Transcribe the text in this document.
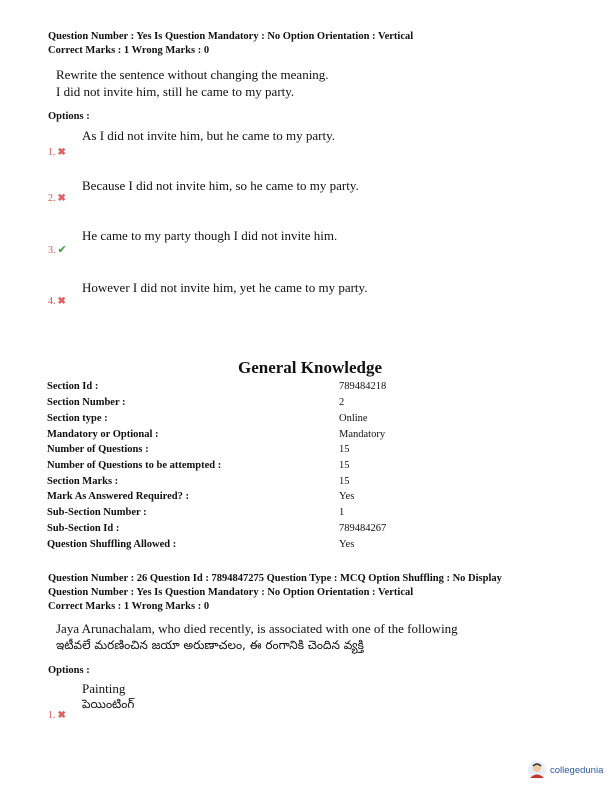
Question Number : Yes Is Question Mandatory : No Option Orientation : Vertical
Correct Marks : 1 Wrong Marks : 0
Rewrite the sentence without changing the meaning.
I did not invite him, still he came to my party.
Options :
As I did not invite him, but he came to my party.
1. ✖
Because I did not invite him, so he came to my party.
2. ✖
He came to my party though I did not invite him.
3. ✔
However I did not invite him, yet he came to my party.
4. ✖
General Knowledge
Section Id :	789484218
Section Number :	2
Section type :	Online
Mandatory or Optional :	Mandatory
Number of Questions :	15
Number of Questions to be attempted :	15
Section Marks :	15
Mark As Answered Required? :	Yes
Sub-Section Number :	1
Sub-Section Id :	789484267
Question Shuffling Allowed :	Yes
Question Number : 26 Question Id : 7894847275 Question Type : MCQ Option Shuffling : No Display
Question Number : Yes Is Question Mandatory : No Option Orientation : Vertical
Correct Marks : 1 Wrong Marks : 0
Jaya Arunachalam, who died recently, is associated with one of the following
ఇటీవలే మరణించిన జయా అరుణాచలం, ఈ రంగానికి చెందిన వ్యక్తి
Options :
Painting
పెయింటింగ్
1. ✖
collegedunia
